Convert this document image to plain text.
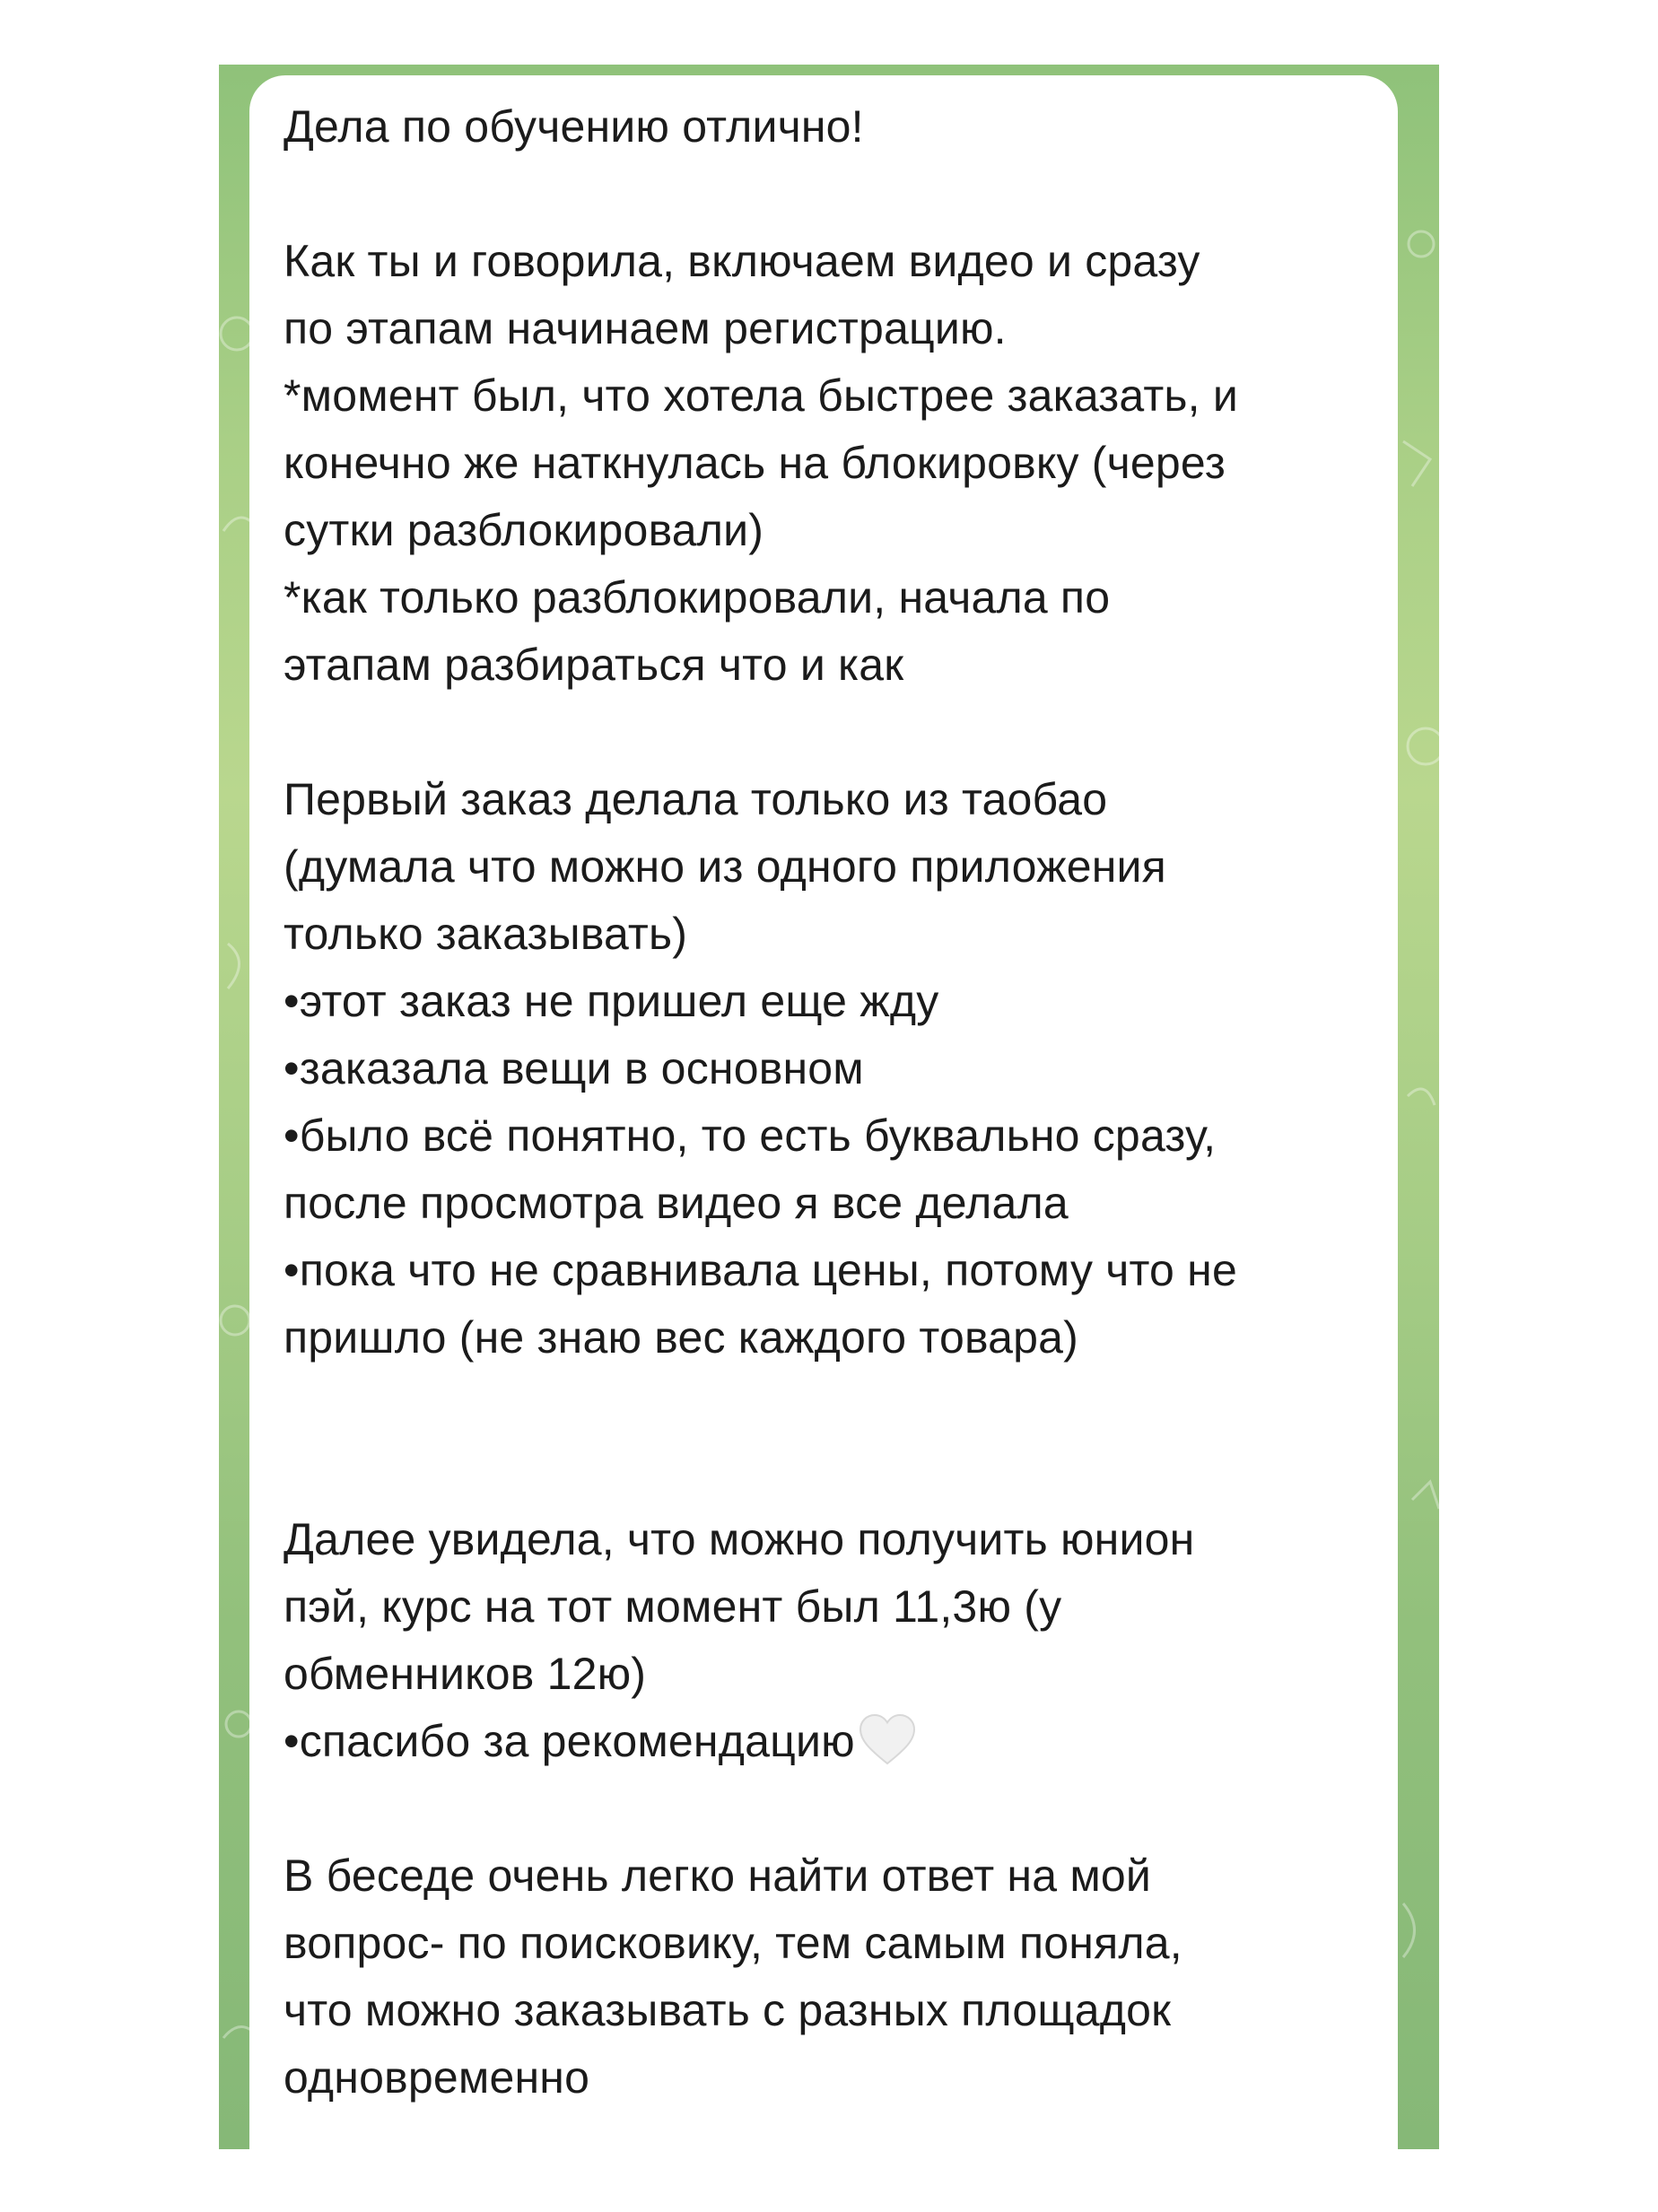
Дела по обучению отлично!
Как ты и говорила, включаем видео и сразу
по этапам начинаем регистрацию.
*момент был, что хотела быстрее заказать, и
конечно же наткнулась на блокировку (через
сутки разблокировали)
*как только разблокировали, начала по
этапам разбираться что и как
Первый заказ делала только из таобао
(думала что можно из одного приложения
только заказывать)
•этот заказ не пришел еще жду
•заказала вещи в основном
•было всё понятно, то есть буквально сразу,
после просмотра видео я все делала
•пока что не сравнивала цены, потому что не
пришло (не знаю вес каждого товара)
Далее увидела, что можно получить юнион
пэй, курс на тот момент был 11,3ю (у
обменников 12ю)
•спасибо за рекомендацию
В беседе очень легко найти ответ на мой
вопрос- по поисковику, тем самым поняла,
что можно заказывать с разных площадок
одновременно
